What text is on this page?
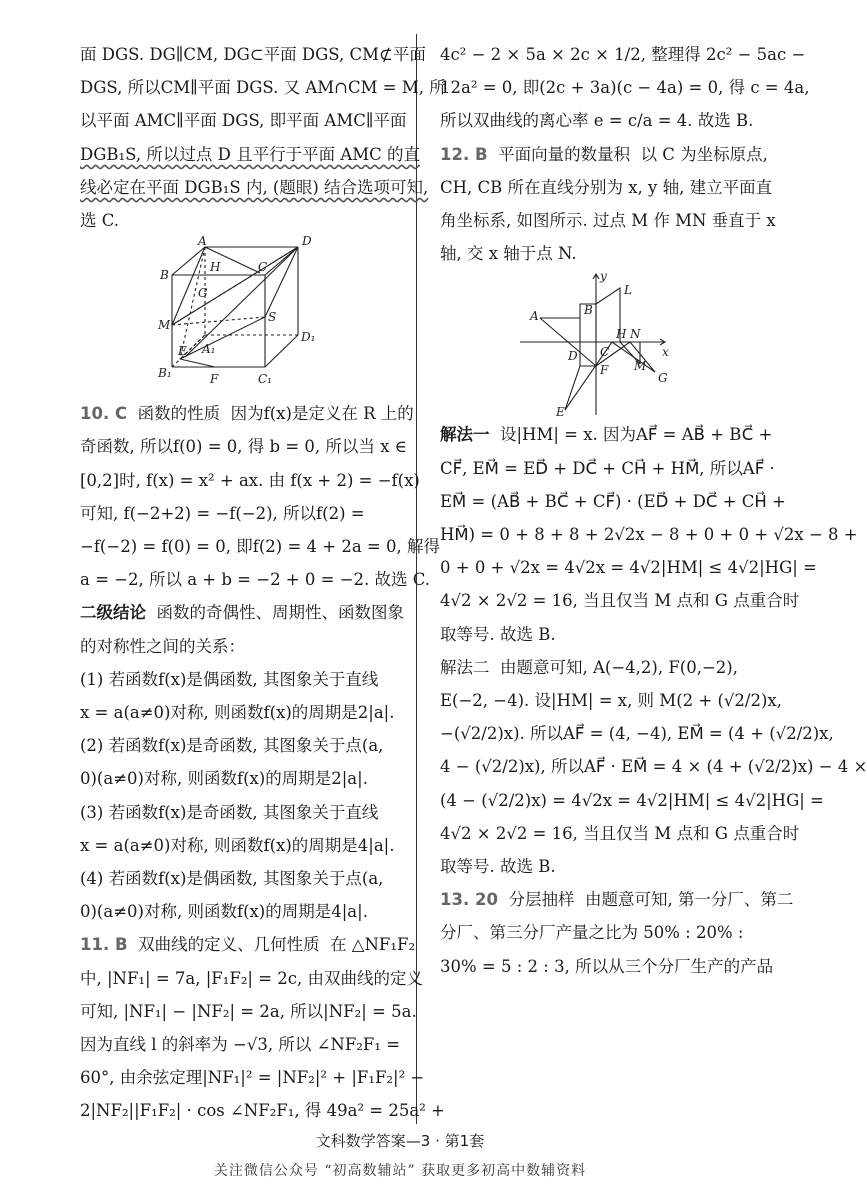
面 DGS. DG∥CM, DG⊂平面 DGS, CM⊄平面
DGS, 所以CM∥平面 DGS. 又 AM∩CM = M, 所
以平面 AMC∥平面 DGS, 即平面 AMC∥平面
DGB₁S, 所以过点 D 且平行于平面 AMC 的直
线必定在平面 DGB₁S 内, (题眼) 结合选项可知,
选 C.
A	D
H	C
B
G
S
M
D₁
E A₁
B₁	F	C₁
10. C 函数的性质 因为f(x)是定义在 R 上的
奇函数, 所以f(0) = 0, 得 b = 0, 所以当 x ∈
[0,2]时, f(x) = x² + ax. 由 f(x + 2) = −f(x)
可知, f(−2+2) = −f(−2), 所以f(2) =
−f(−2) = f(0) = 0, 即f(2) = 4 + 2a = 0, 解得
a = −2, 所以 a + b = −2 + 0 = −2. 故选 C.
二级结论 函数的奇偶性、周期性、函数图象
的对称性之间的关系：
(1) 若函数f(x)是偶函数, 其图象关于直线
x = a(a≠0)对称, 则函数f(x)的周期是2|a|.
(2) 若函数f(x)是奇函数, 其图象关于点(a,
0)(a≠0)对称, 则函数f(x)的周期是2|a|.
(3) 若函数f(x)是奇函数, 其图象关于直线
x = a(a≠0)对称, 则函数f(x)的周期是4|a|.
(4) 若函数f(x)是偶函数, 其图象关于点(a,
0)(a≠0)对称, 则函数f(x)的周期是4|a|.
11. B 双曲线的定义、几何性质 在 △NF₁F₂
中, |NF₁| = 7a, |F₁F₂| = 2c, 由双曲线的定义
可知, |NF₁| − |NF₂| = 2a, 所以|NF₂| = 5a.
因为直线 l 的斜率为 −√3, 所以 ∠NF₂F₁ =
60°, 由余弦定理|NF₁|² = |NF₂|² + |F₁F₂|² −
2|NF₂||F₁F₂| · cos ∠NF₂F₁, 得 49a² = 25a² +
4c² − 2 × 5a × 2c × 1/2, 整理得 2c² − 5ac −
12a² = 0, 即(2c + 3a)(c − 4a) = 0, 得 c = 4a,
所以双曲线的离心率 e = c/a = 4. 故选 B.
12. B 平面向量的数量积 以 C 为坐标原点,
CH, CB 所在直线分别为 x, y 轴, 建立平面直
角坐标系, 如图所示. 过点 M 作 MN 垂直于 x
轴, 交 x 轴于点 N.
y
L
A	B
H N
x
D C
F M
G
E
解法一 设|HM| = x. 因为AF⃗ = AB⃗ + BC⃗ +
CF⃗, EM⃗ = ED⃗ + DC⃗ + CH⃗ + HM⃗, 所以AF⃗ ·
EM⃗ = (AB⃗ + BC⃗ + CF⃗) · (ED⃗ + DC⃗ + CH⃗ +
HM⃗) = 0 + 8 + 8 + 2√2x − 8 + 0 + 0 + √2x − 8 +
0 + 0 + √2x = 4√2x = 4√2|HM| ≤ 4√2|HG| =
4√2 × 2√2 = 16, 当且仅当 M 点和 G 点重合时
取等号. 故选 B.
解法二 由题意可知, A(−4,2), F(0,−2),
E(−2, −4). 设|HM| = x, 则 M(2 + (√2/2)x,
−(√2/2)x). 所以AF⃗ = (4, −4), EM⃗ = (4 + (√2/2)x,
4 − (√2/2)x), 所以AF⃗ · EM⃗ = 4 × (4 + (√2/2)x) − 4 ×
(4 − (√2/2)x) = 4√2x = 4√2|HM| ≤ 4√2|HG| =
4√2 × 2√2 = 16, 当且仅当 M 点和 G 点重合时
取等号. 故选 B.
13. 20 分层抽样 由题意可知, 第一分厂、第二
分厂、第三分厂产量之比为 50% : 20% :
30% = 5 : 2 : 3, 所以从三个分厂生产的产品
文科数学答案—3 · 第1套
关注微信公众号 “初高数辅站” 获取更多初高中数辅资料
